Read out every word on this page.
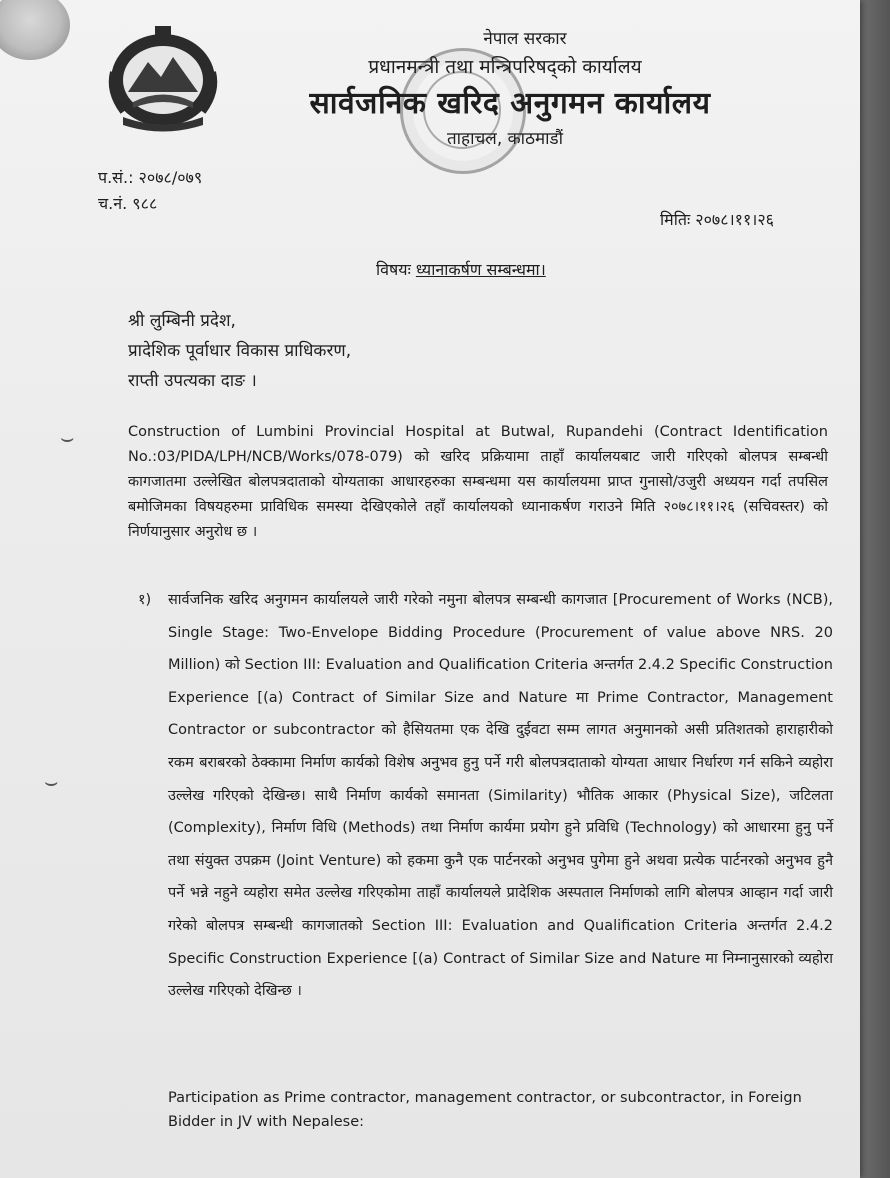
नेपाल सरकार
प्रधानमन्त्री तथा मन्त्रिपरिषद्को कार्यालय
सार्वजनिक खरिद अनुगमन कार्यालय
ताहाचल, काठमाडौं
प.सं.: २०७८/०७९
च.नं. ९८८
मितिः २०७८।११।२६
विषयः ध्यानाकर्षण सम्बन्धमा।
श्री लुम्बिनी प्रदेश,
प्रादेशिक पूर्वाधार विकास प्राधिकरण,
राप्ती उपत्यका दाङ ।
Construction of Lumbini Provincial Hospital at Butwal, Rupandehi (Contract Identification No.:03/PIDA/LPH/NCB/Works/078-079) को खरिद प्रक्रियामा ताहाँ कार्यालयबाट जारी गरिएको बोलपत्र सम्बन्धी कागजातमा उल्लेखित बोलपत्रदाताको योग्यताका आधारहरुका सम्बन्धमा यस कार्यालयमा प्राप्त गुनासो/उजुरी अध्ययन गर्दा तपसिल बमोजिमका विषयहरुमा प्राविधिक समस्या देखिएकोले तहाँ कार्यालयको ध्यानाकर्षण गराउने मिति २०७८।११।२६ (सचिवस्तर) को निर्णयानुसार अनुरोध छ ।
१) सार्वजनिक खरिद अनुगमन कार्यालयले जारी गरेको नमुना बोलपत्र सम्बन्धी कागजात [Procurement of Works (NCB), Single Stage: Two-Envelope Bidding Procedure (Procurement of value above NRS. 20 Million) को Section III: Evaluation and Qualification Criteria अन्तर्गत 2.4.2 Specific Construction Experience [(a) Contract of Similar Size and Nature मा Prime Contractor, Management Contractor or subcontractor को हैसियतमा एक देखि दुईवटा सम्म लागत अनुमानको असी प्रतिशतको हाराहारीको रकम बराबरको ठेक्कामा निर्माण कार्यको विशेष अनुभव हुनु पर्ने गरी बोलपत्रदाताको योग्यता आधार निर्धारण गर्न सकिने व्यहोरा उल्लेख गरिएको देखिन्छ। साथै निर्माण कार्यको समानता (Similarity) भौतिक आकार (Physical Size), जटिलता (Complexity), निर्माण विधि (Methods) तथा निर्माण कार्यमा प्रयोग हुने प्रविधि (Technology) को आधारमा हुनु पर्ने तथा संयुक्त उपक्रम (Joint Venture) को हकमा कुनै एक पार्टनरको अनुभव पुगेमा हुने अथवा प्रत्येक पार्टनरको अनुभव हुनै पर्ने भन्ने नहुने व्यहोरा समेत उल्लेख गरिएकोमा ताहाँ कार्यालयले प्रादेशिक अस्पताल निर्माणको लागि बोलपत्र आव्हान गर्दा जारी गरेको बोलपत्र सम्बन्धी कागजातको Section III: Evaluation and Qualification Criteria अन्तर्गत 2.4.2 Specific Construction Experience [(a) Contract of Similar Size and Nature मा निम्नानुसारको व्यहोरा उल्लेख गरिएको देखिन्छ ।
Participation as Prime contractor, management contractor, or subcontractor, in Foreign Bidder in JV with Nepalese:
⌣
⌣
